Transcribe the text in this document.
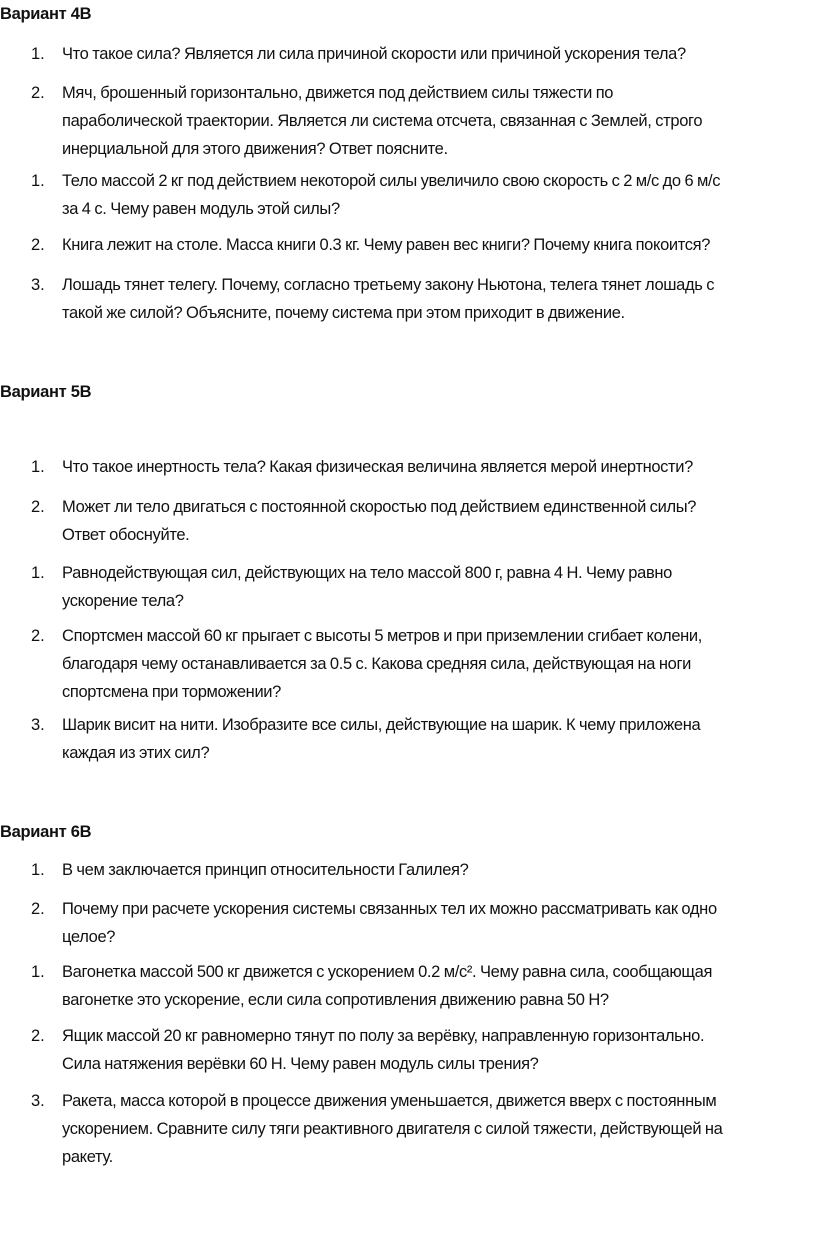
Вариант 4В
1. Что такое сила? Является ли сила причиной скорости или причиной ускорения тела?
2. Мяч, брошенный горизонтально, движется под действием силы тяжести по
параболической траектории. Является ли система отсчета, связанная с Землей, строго
инерциальной для этого движения? Ответ поясните.
1. Тело массой 2 кг под действием некоторой силы увеличило свою скорость с 2 м/с до 6 м/с
за 4 с. Чему равен модуль этой силы?
2. Книга лежит на столе. Масса книги 0.3 кг. Чему равен вес книги? Почему книга покоится?
3. Лошадь тянет телегу. Почему, согласно третьему закону Ньютона, телега тянет лошадь с
такой же силой? Объясните, почему система при этом приходит в движение.
Вариант 5В
1. Что такое инертность тела? Какая физическая величина является мерой инертности?
2. Может ли тело двигаться с постоянной скоростью под действием единственной силы?
Ответ обоснуйте.
1. Равнодействующая сил, действующих на тело массой 800 г, равна 4 Н. Чему равно
ускорение тела?
2. Спортсмен массой 60 кг прыгает с высоты 5 метров и при приземлении сгибает колени,
благодаря чему останавливается за 0.5 с. Какова средняя сила, действующая на ноги
спортсмена при торможении?
3. Шарик висит на нити. Изобразите все силы, действующие на шарик. К чему приложена
каждая из этих сил?
Вариант 6В
1. В чем заключается принцип относительности Галилея?
2. Почему при расчете ускорения системы связанных тел их можно рассматривать как одно
целое?
1. Вагонетка массой 500 кг движется с ускорением 0.2 м/с². Чему равна сила, сообщающая
вагонетке это ускорение, если сила сопротивления движению равна 50 Н?
2. Ящик массой 20 кг равномерно тянут по полу за верёвку, направленную горизонтально.
Сила натяжения верёвки 60 Н. Чему равен модуль силы трения?
3. Ракета, масса которой в процессе движения уменьшается, движется вверх с постоянным
ускорением. Сравните силу тяги реактивного двигателя с силой тяжести, действующей на
ракету.
